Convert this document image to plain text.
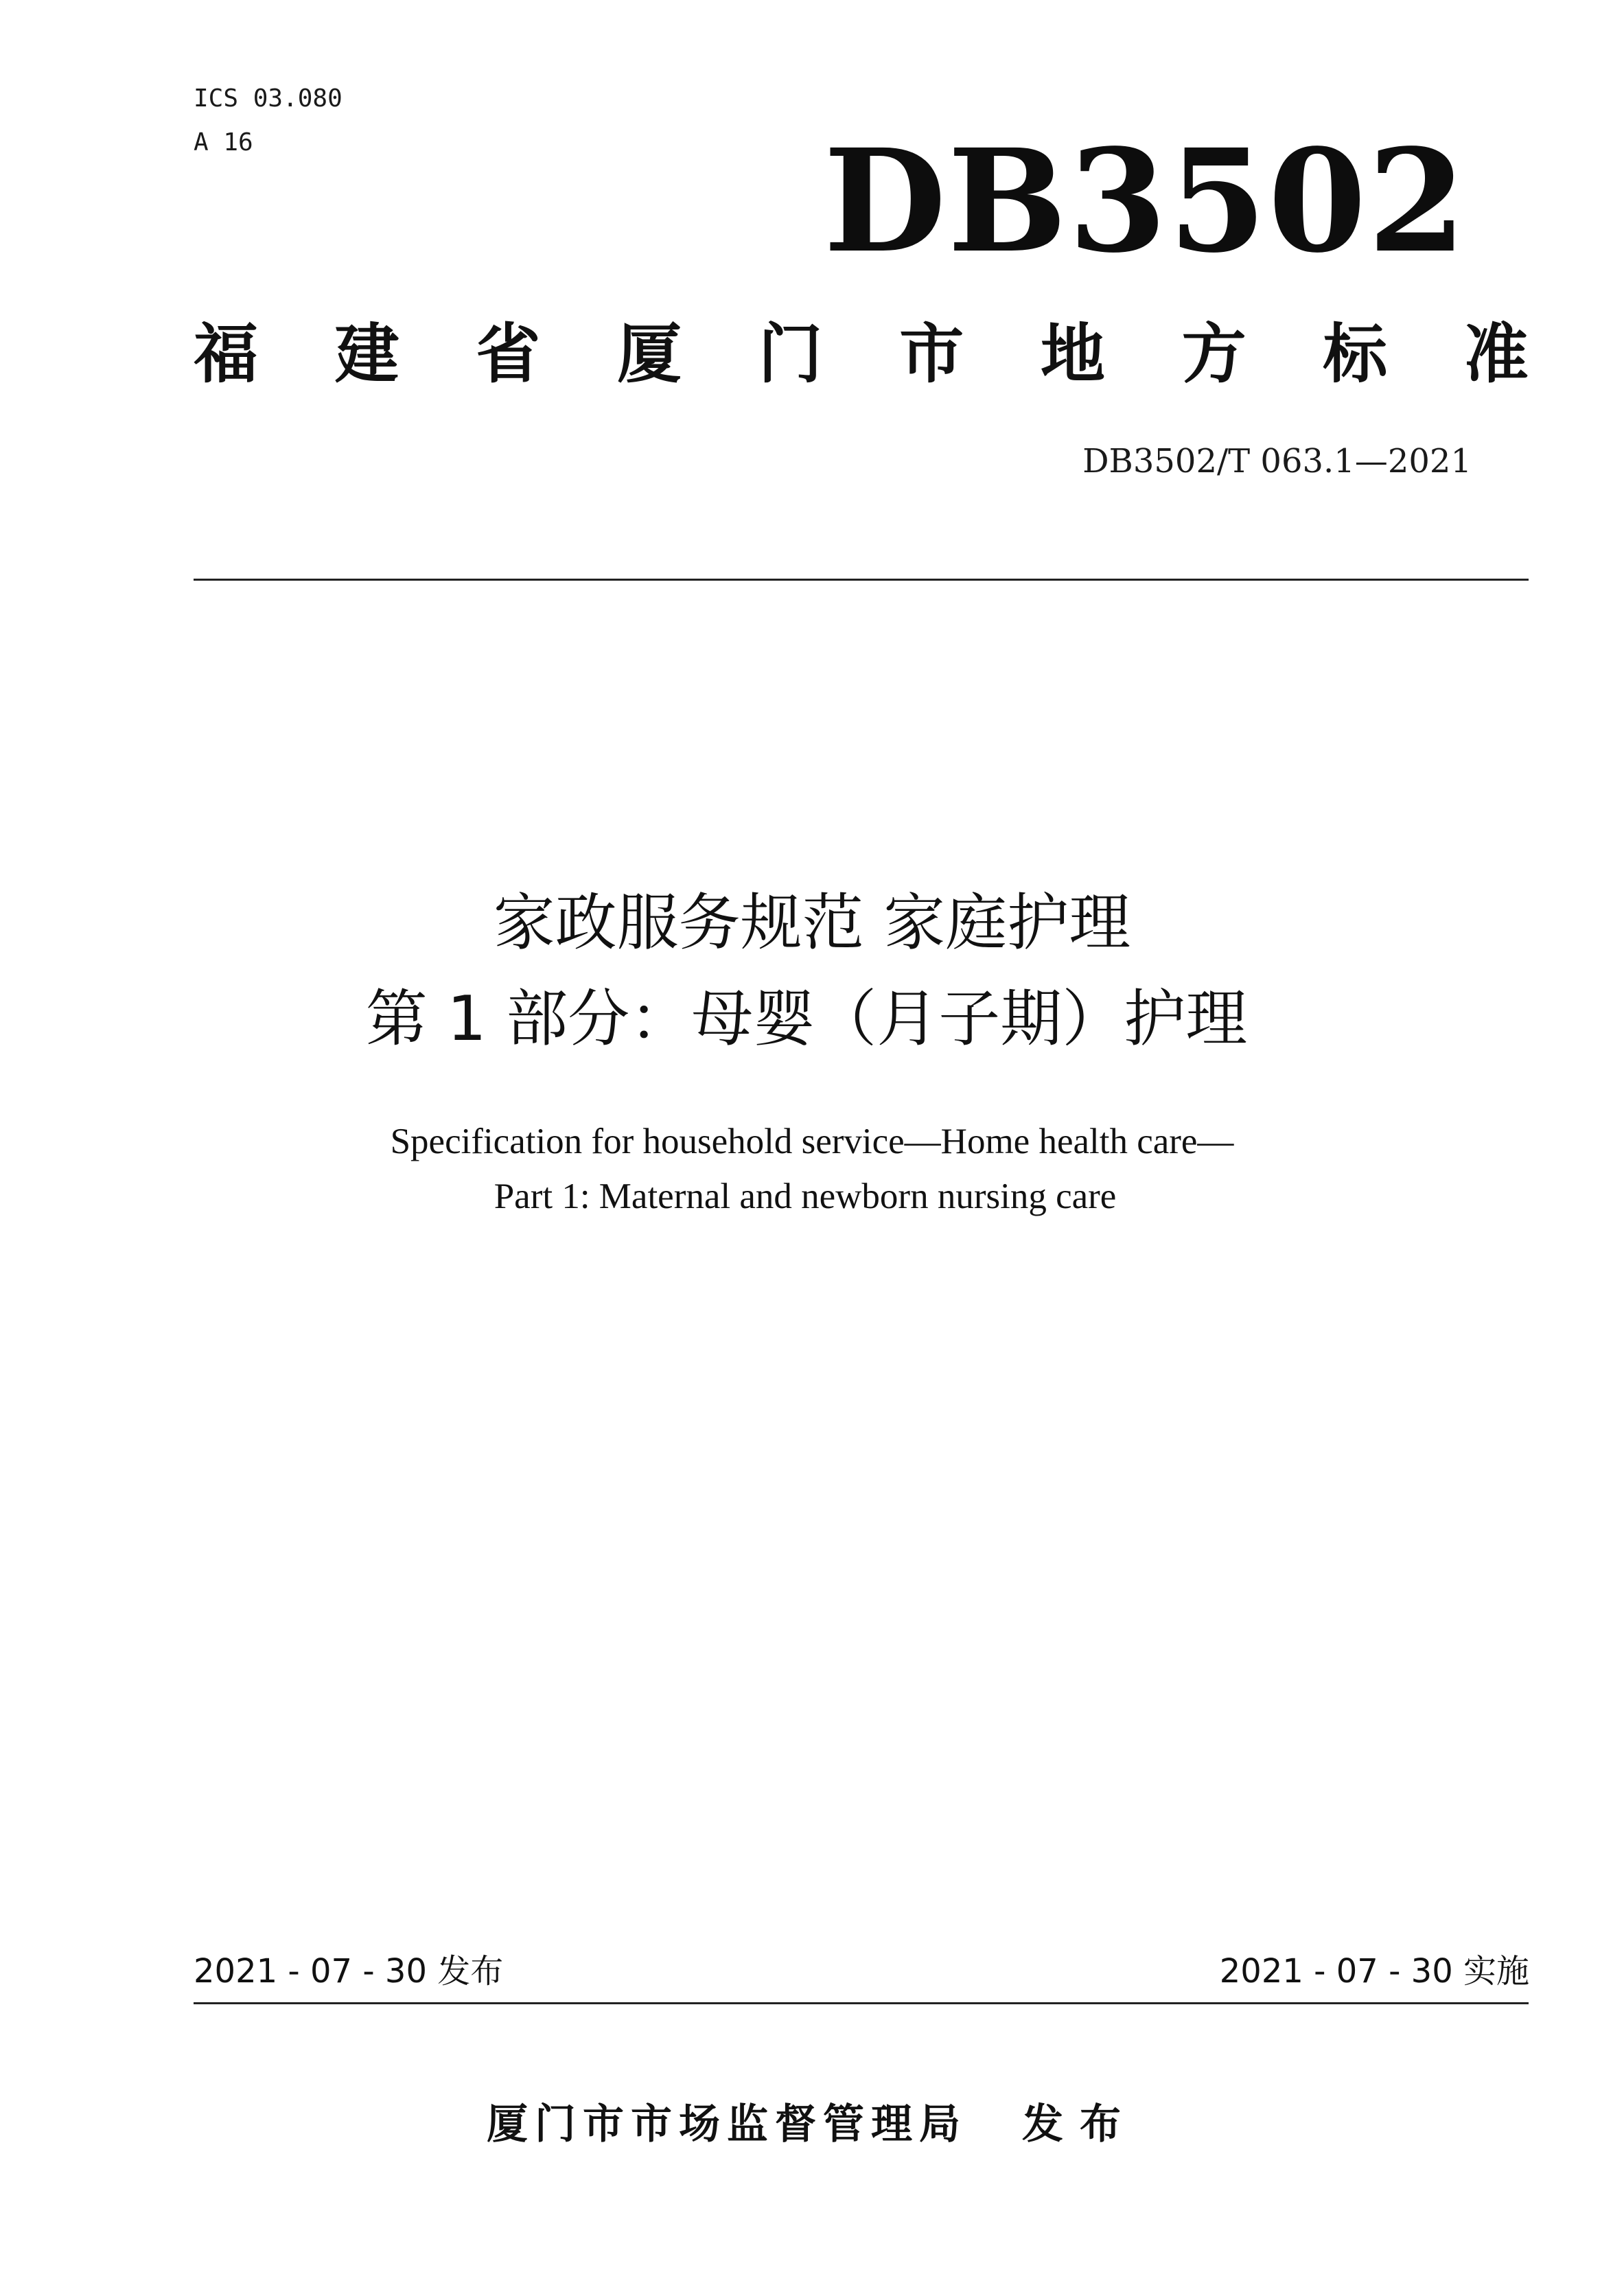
ICS 03.080
A 16	DB3502
福 建 省 厦 门 市 地 方 标 准
DB3502/T 063.1—2021
家政服务规范 家庭护理
第 1 部分：母婴（月子期）护理
Specification for household service—Home health care—
Part 1: Maternal and newborn nursing care
2021 - 07 - 30 发布	2021 - 07 - 30 实施
厦门市市场监督管理局 发布
